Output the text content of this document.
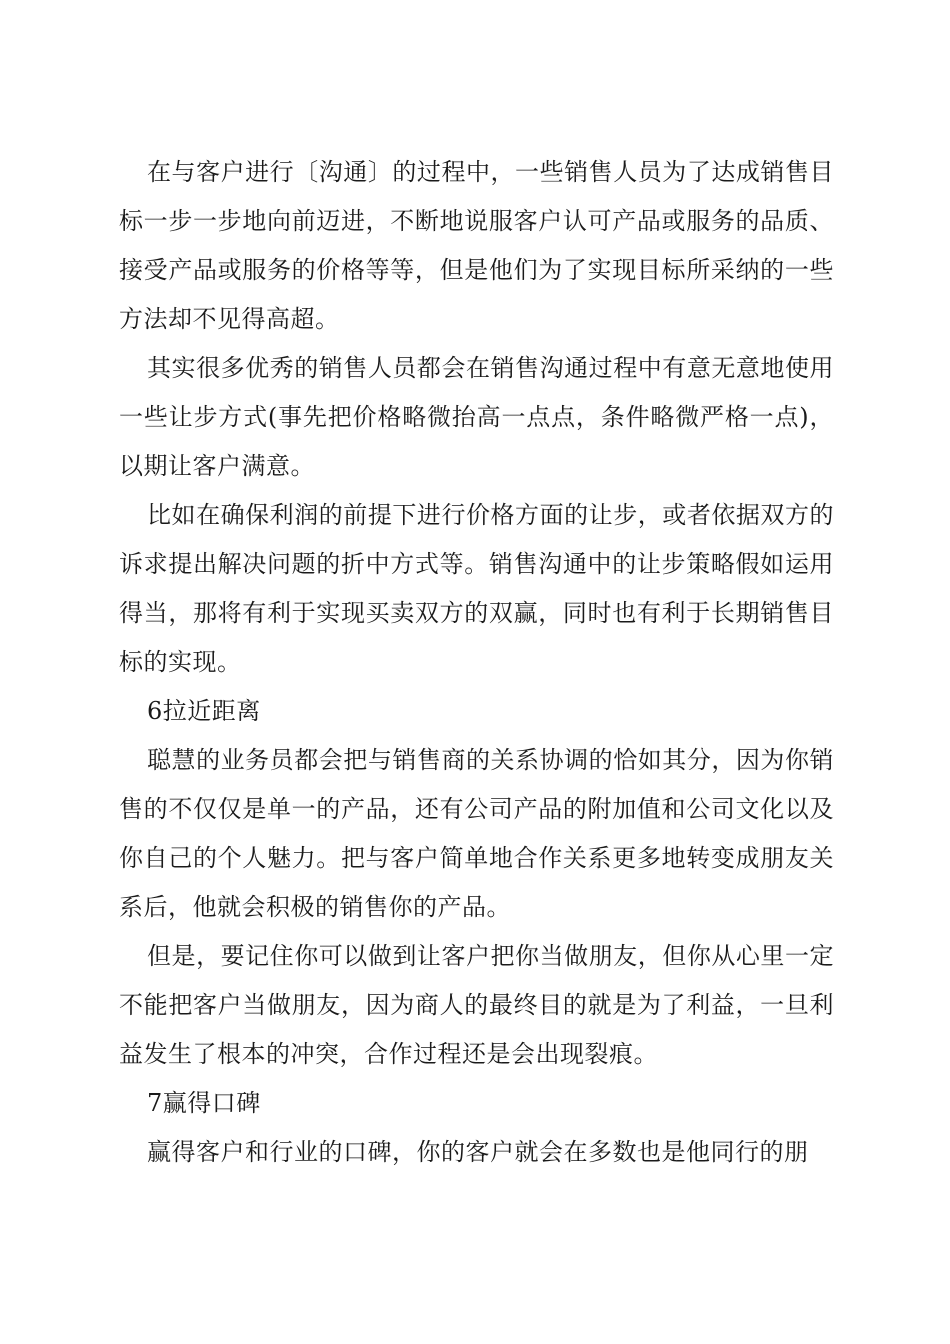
在与客户进行〔沟通〕的过程中，一些销售人员为了达成销售目标一步一步地向前迈进，不断地说服客户认可产品或服务的品质、接受产品或服务的价格等等，但是他们为了实现目标所采纳的一些方法却不见得高超。

其实很多优秀的销售人员都会在销售沟通过程中有意无意地使用一些让步方式(事先把价格略微抬高一点点，条件略微严格一点)，以期让客户满意。

比如在确保利润的前提下进行价格方面的让步，或者依据双方的诉求提出解决问题的折中方式等。销售沟通中的让步策略假如运用得当，那将有利于实现买卖双方的双赢，同时也有利于长期销售目标的实现。

6拉近距离

聪慧的业务员都会把与销售商的关系协调的恰如其分，因为你销售的不仅仅是单一的产品，还有公司产品的附加值和公司文化以及你自己的个人魅力。把与客户简单地合作关系更多地转变成朋友关系后，他就会积极的销售你的产品。

但是，要记住你可以做到让客户把你当做朋友，但你从心里一定不能把客户当做朋友，因为商人的最终目的就是为了利益，一旦利益发生了根本的冲突，合作过程还是会出现裂痕。

7赢得口碑

赢得客户和行业的口碑，你的客户就会在多数也是他同行的朋
